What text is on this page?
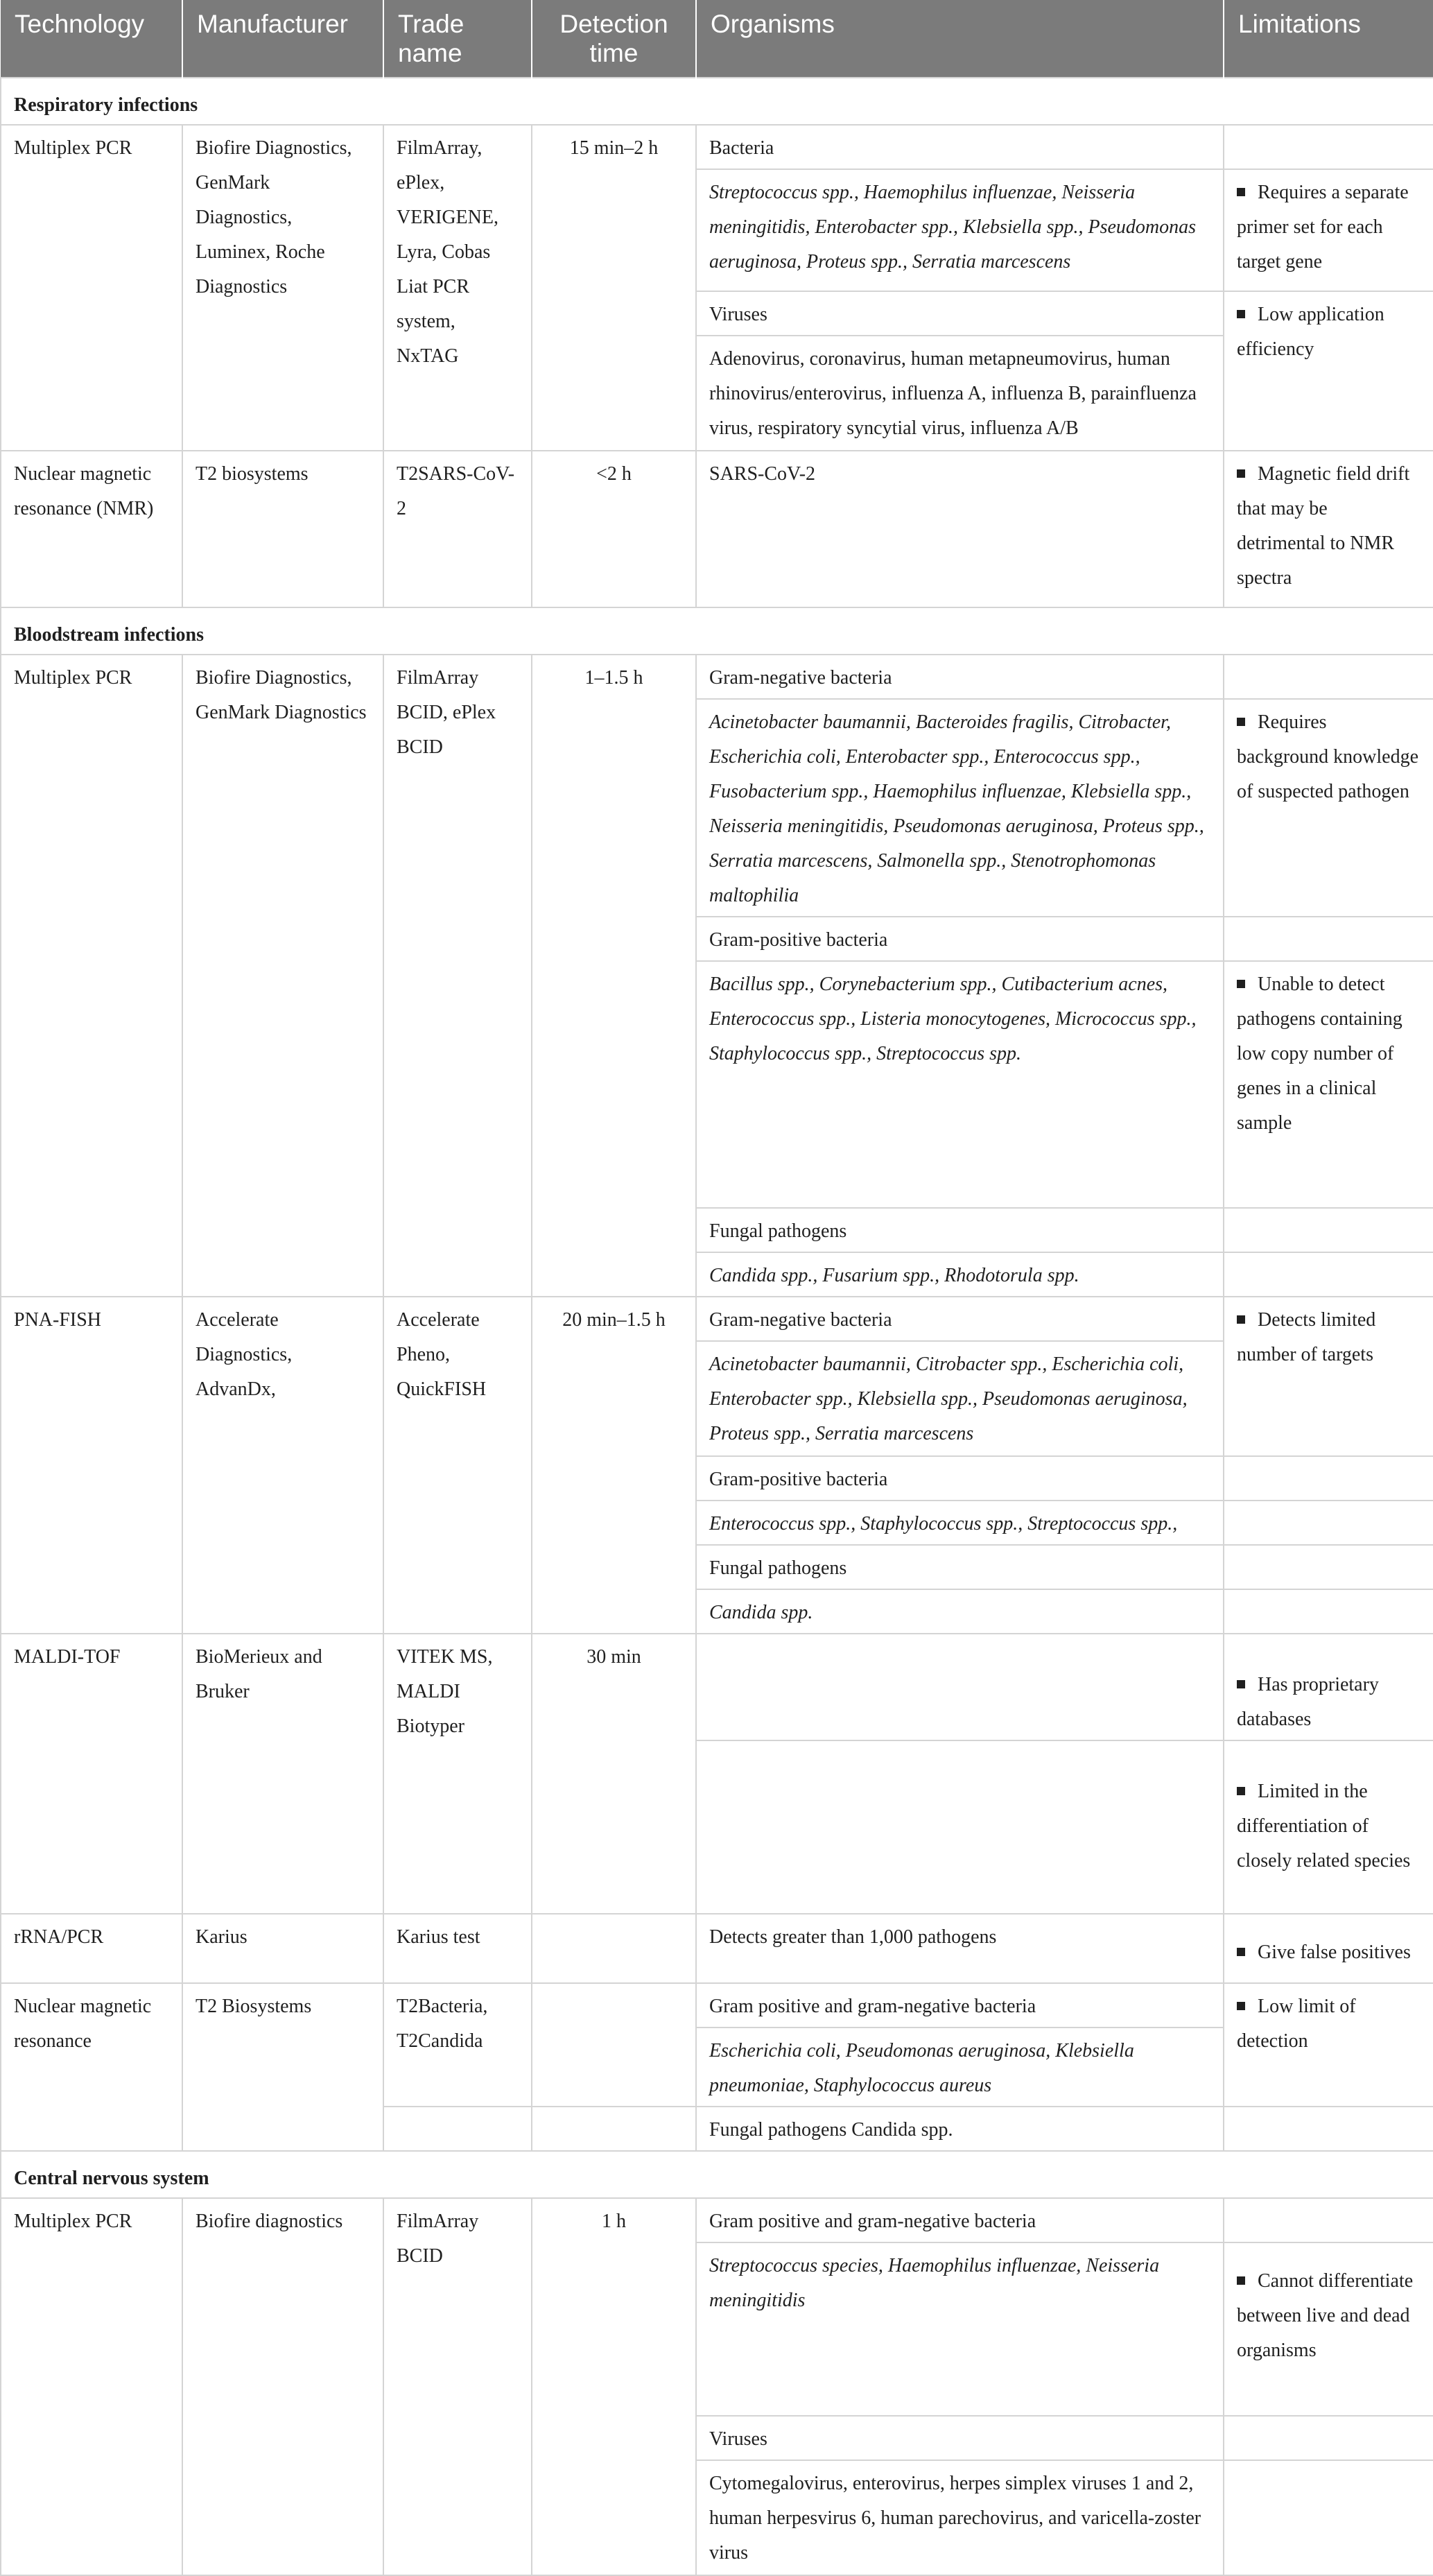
Technology	Manufacturer	Trade name	Detection time	Organisms	Limitations
Respiratory infections					
Multiplex PCR	Biofire Diagnostics, GenMark Diagnostics, Luminex, Roche Diagnostics	FilmArray, ePlex, VERIGENE, Lyra, Cobas Liat PCR system, NxTAG	15 min–2 h	Bacteria	
				Streptococcus spp., Haemophilus influenzae, Neisseria meningitidis, Enterobacter spp., Klebsiella spp., Pseudomonas aeruginosa, Proteus spp., Serratia marcescens	Requires a separate primer set for each target gene
				Viruses	Low application efficiency
				Adenovirus, coronavirus, human metapneumovirus, human rhinovirus/enterovirus, influenza A, influenza B, parainfluenza virus, respiratory syncytial virus, influenza A/B	
Nuclear magnetic resonance (NMR)	T2 biosystems	T2SARS-CoV-2	<2 h	SARS-CoV-2	Magnetic field drift that may be detrimental to NMR spectra
Bloodstream infections					
Multiplex PCR	Biofire Diagnostics, GenMark Diagnostics	FilmArray BCID, ePlex BCID	1–1.5 h	Gram-negative bacteria	
				Acinetobacter baumannii, Bacteroides fragilis, Citrobacter, Escherichia coli, Enterobacter spp., Enterococcus spp., Fusobacterium spp., Haemophilus influenzae, Klebsiella spp., Neisseria meningitidis, Pseudomonas aeruginosa, Proteus spp., Serratia marcescens, Salmonella spp., Stenotrophomonas maltophilia	Requires background knowledge of suspected pathogen
				Gram-positive bacteria	
				Bacillus spp., Corynebacterium spp., Cutibacterium acnes, Enterococcus spp., Listeria monocytogenes, Micrococcus spp., Staphylococcus spp., Streptococcus spp.	Unable to detect pathogens containing low copy number of genes in a clinical sample
				Fungal pathogens	
				Candida spp., Fusarium spp., Rhodotorula spp.	
PNA-FISH	Accelerate Diagnostics, AdvanDx,	Accelerate Pheno, QuickFISH	20 min–1.5 h	Gram-negative bacteria	Detects limited number of targets
				Acinetobacter baumannii, Citrobacter spp., Escherichia coli, Enterobacter spp., Klebsiella spp., Pseudomonas aeruginosa, Proteus spp., Serratia marcescens	
				Gram-positive bacteria	
				Enterococcus spp., Staphylococcus spp., Streptococcus spp.,	
				Fungal pathogens	
				Candida spp.	
MALDI-TOF	BioMerieux and Bruker	VITEK MS, MALDI Biotyper	30 min		Has proprietary databases
					Limited in the differentiation of closely related species
rRNA/PCR	Karius	Karius test		Detects greater than 1,000 pathogens	Give false positives
Nuclear magnetic resonance	T2 Biosystems	T2Bacteria, T2Candida		Gram positive and gram-negative bacteria	Low limit of detection
				Escherichia coli, Pseudomonas aeruginosa, Klebsiella pneumoniae, Staphylococcus aureus	
				Fungal pathogens Candida spp.	
Central nervous system					
Multiplex PCR	Biofire diagnostics	FilmArray BCID	1 h	Gram positive and gram-negative bacteria	
				Streptococcus species, Haemophilus influenzae, Neisseria meningitidis	Cannot differentiate between live and dead organisms
				Viruses	
				Cytomegalovirus, enterovirus, herpes simplex viruses 1 and 2, human herpesvirus 6, human parechovirus, and varicella-zoster virus	
